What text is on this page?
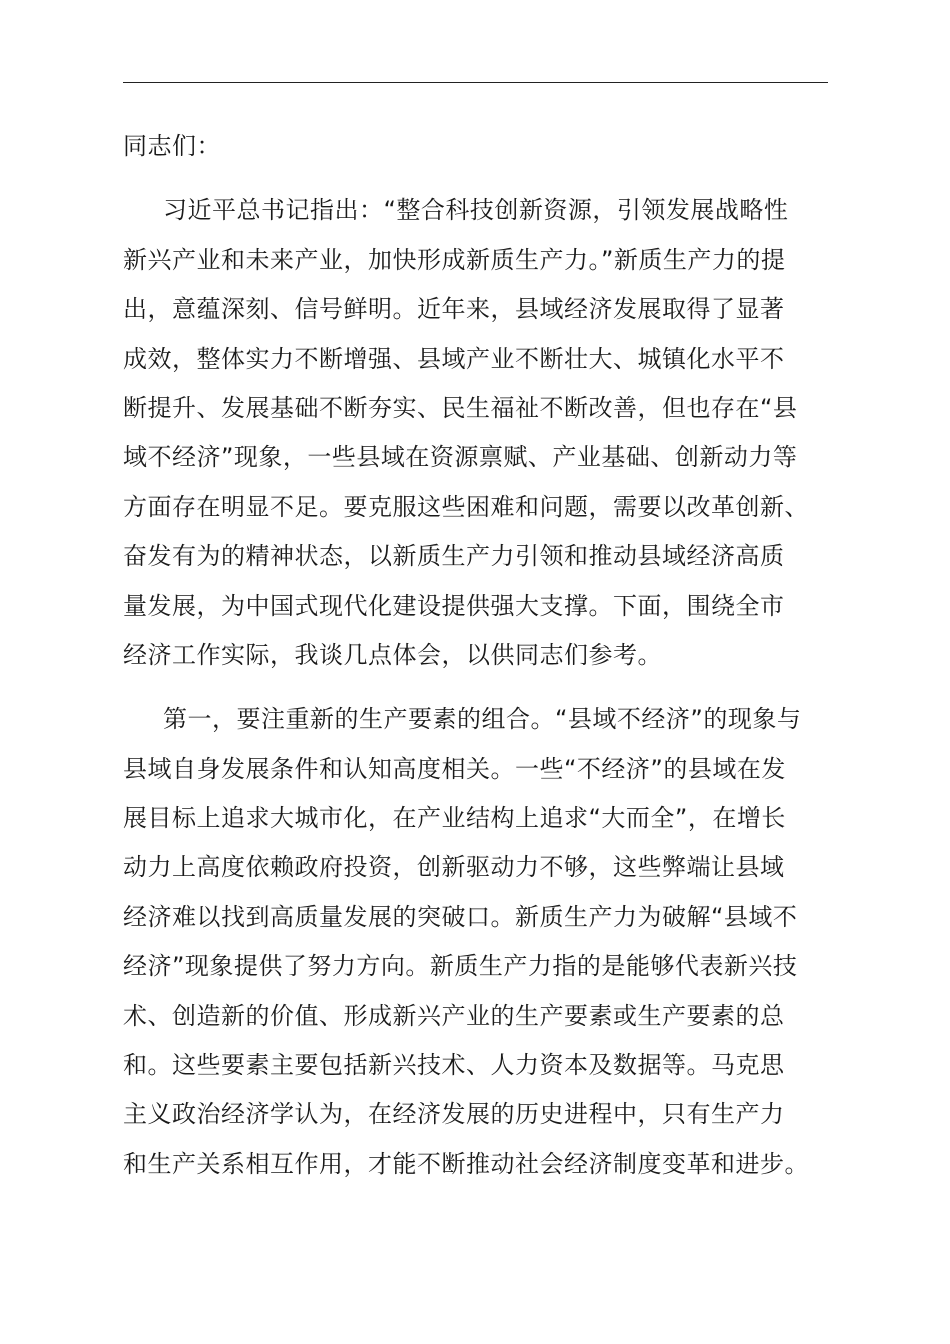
同志们：
习近平总书记指出：“整合科技创新资源，引领发展战略性
新兴产业和未来产业，加快形成新质生产力。”新质生产力的提
出，意蕴深刻、信号鲜明。近年来，县域经济发展取得了显著
成效，整体实力不断增强、县域产业不断壮大、城镇化水平不
断提升、发展基础不断夯实、民生福祉不断改善，但也存在“县
域不经济”现象，一些县域在资源禀赋、产业基础、创新动力等
方面存在明显不足。要克服这些困难和问题，需要以改革创新、
奋发有为的精神状态，以新质生产力引领和推动县域经济高质
量发展，为中国式现代化建设提供强大支撑。下面，围绕全市
经济工作实际，我谈几点体会，以供同志们参考。
第一，要注重新的生产要素的组合。“县域不经济”的现象与
县域自身发展条件和认知高度相关。一些“不经济”的县域在发
展目标上追求大城市化，在产业结构上追求“大而全”，在增长
动力上高度依赖政府投资，创新驱动力不够，这些弊端让县域
经济难以找到高质量发展的突破口。新质生产力为破解“县域不
经济”现象提供了努力方向。新质生产力指的是能够代表新兴技
术、创造新的价值、形成新兴产业的生产要素或生产要素的总
和。这些要素主要包括新兴技术、人力资本及数据等。马克思
主义政治经济学认为，在经济发展的历史进程中，只有生产力
和生产关系相互作用，才能不断推动社会经济制度变革和进步。
